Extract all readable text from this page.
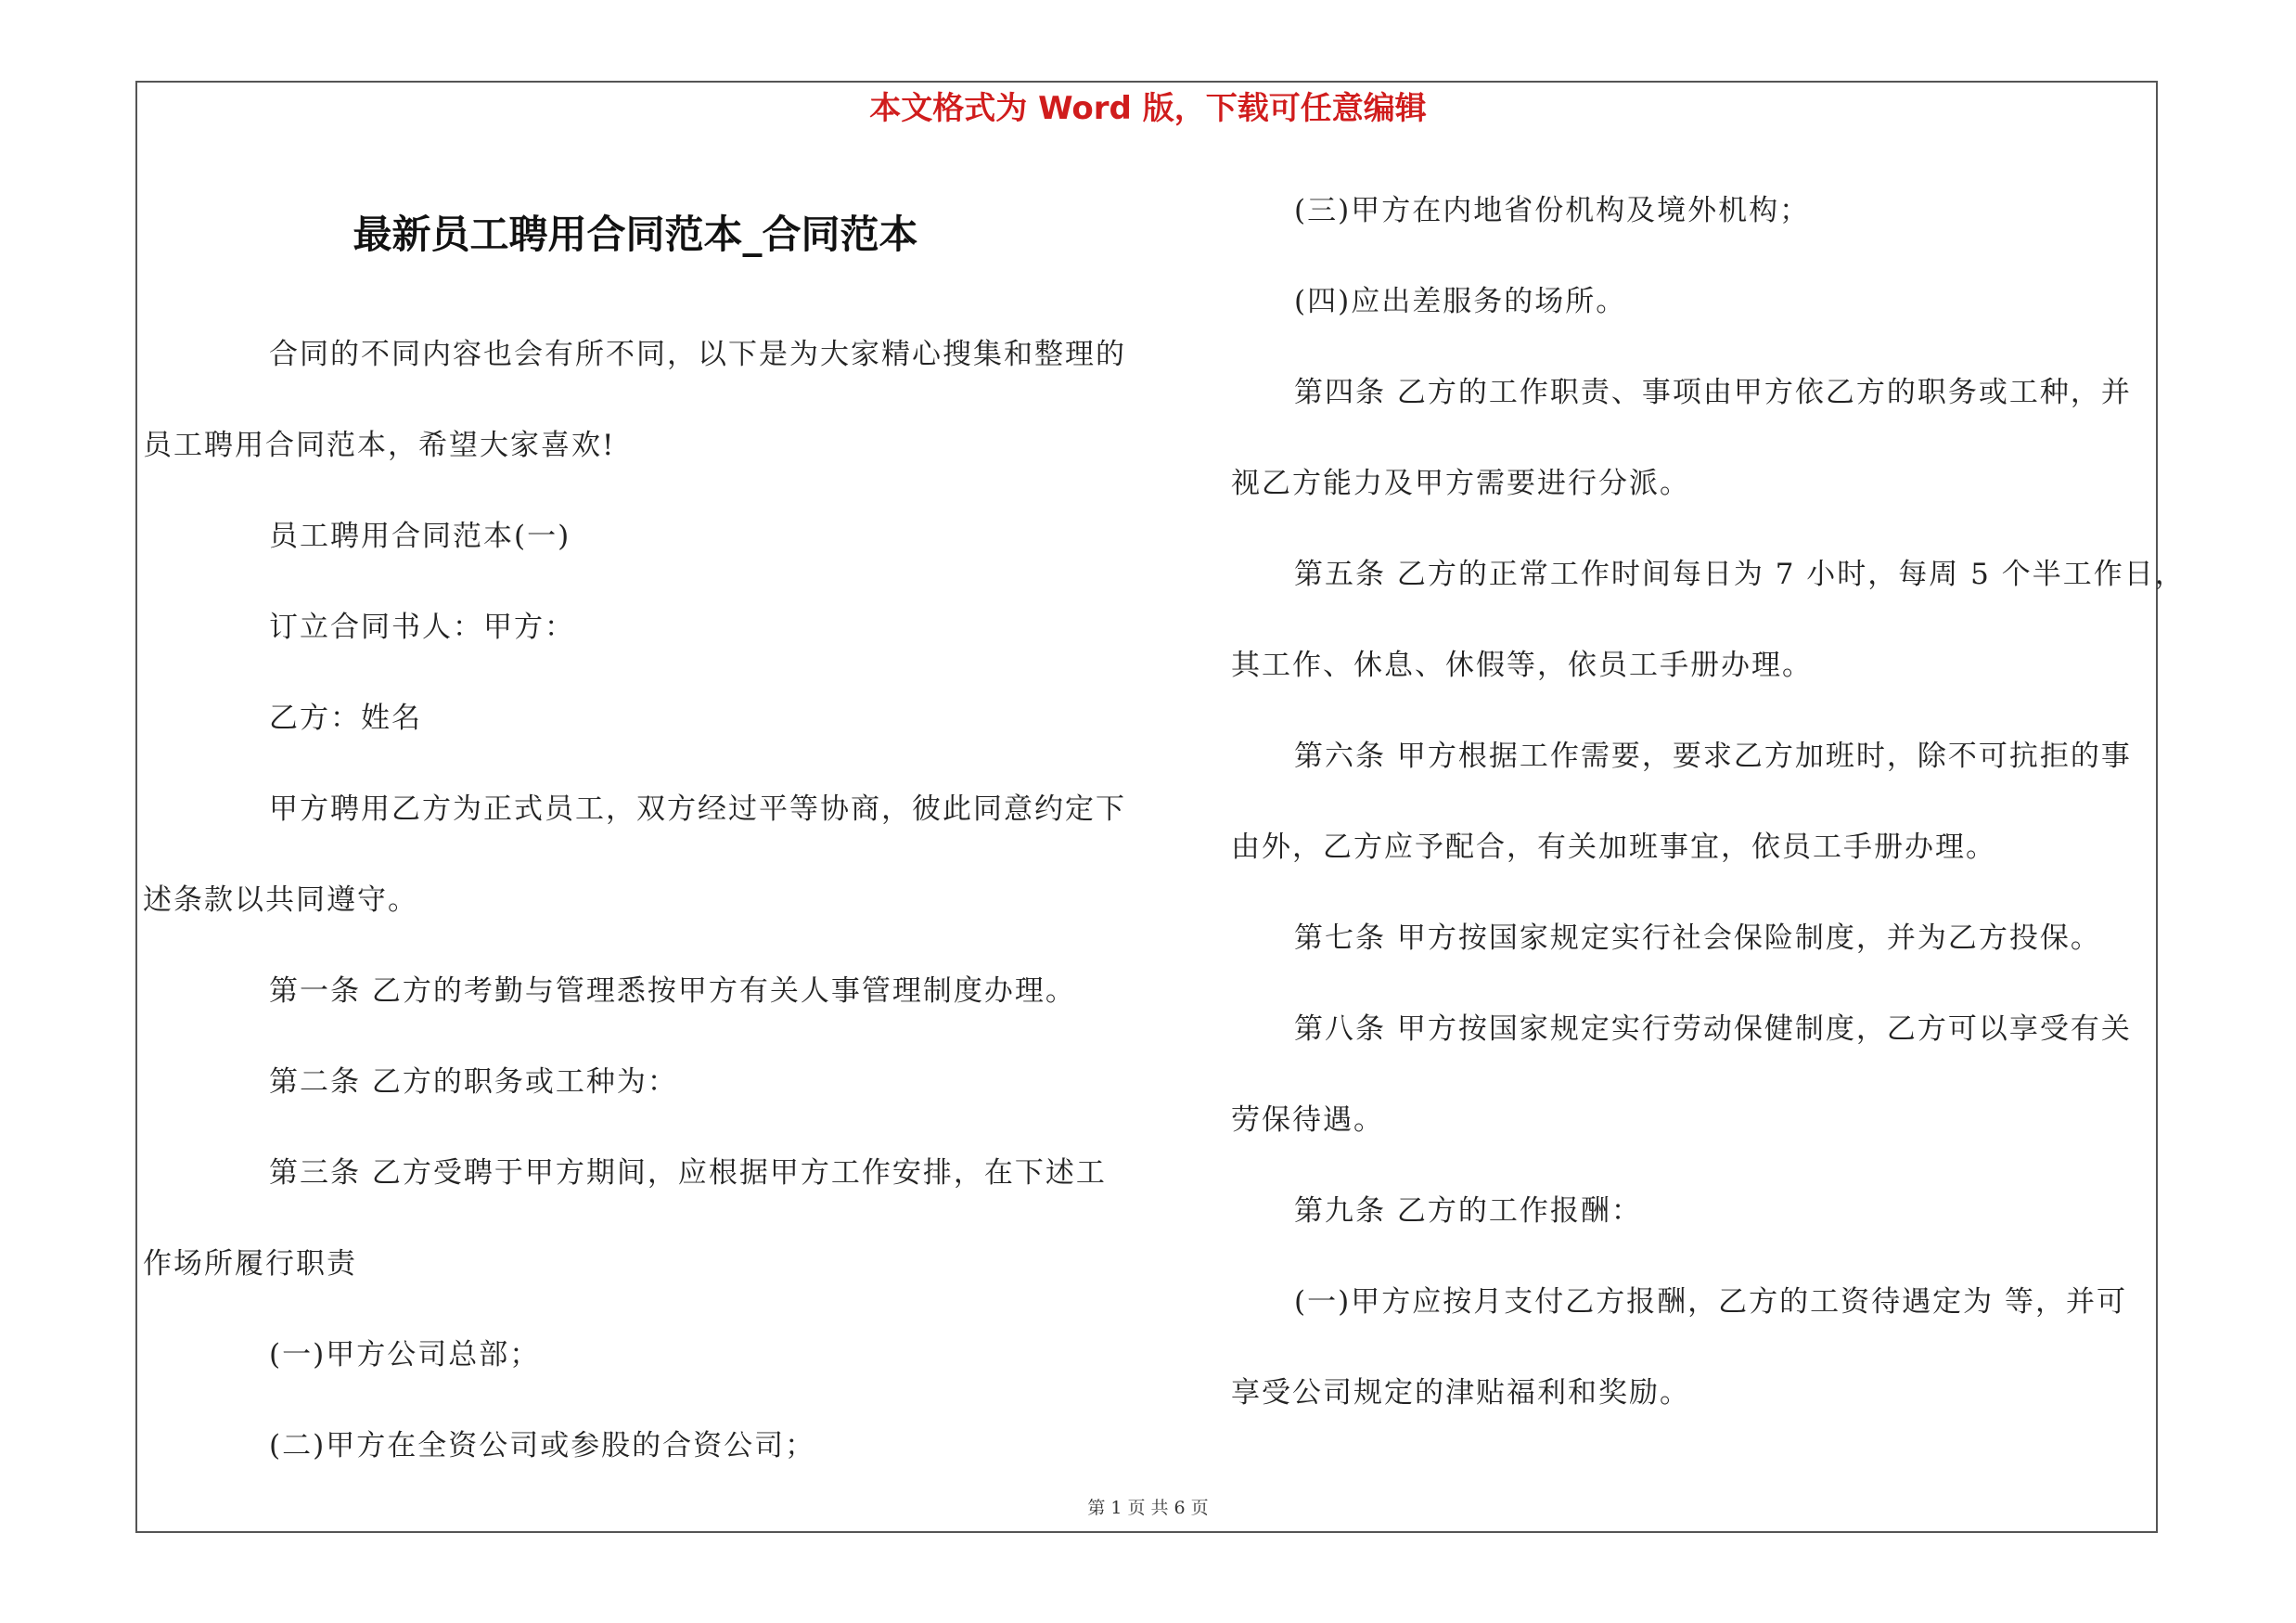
本文格式为 Word 版，下载可任意编辑
最新员工聘用合同范本_合同范本

合同的不同内容也会有所不同，以下是为大家精心搜集和整理的
员工聘用合同范本，希望大家喜欢!

员工聘用合同范本(一)

订立合同书人：甲方：

乙方：姓名

甲方聘用乙方为正式员工，双方经过平等协商，彼此同意约定下
述条款以共同遵守。

第一条 乙方的考勤与管理悉按甲方有关人事管理制度办理。

第二条 乙方的职务或工种为：

第三条 乙方受聘于甲方期间，应根据甲方工作安排，在下述工
作场所履行职责

(一)甲方公司总部；

(二)甲方在全资公司或参股的合资公司；

(三)甲方在内地省份机构及境外机构；

(四)应出差服务的场所。

第四条 乙方的工作职责、事项由甲方依乙方的职务或工种，并
视乙方能力及甲方需要进行分派。

第五条 乙方的正常工作时间每日为 7 小时，每周 5 个半工作日，
其工作、休息、休假等，依员工手册办理。

第六条 甲方根据工作需要，要求乙方加班时，除不可抗拒的事
由外，乙方应予配合，有关加班事宜，依员工手册办理。

第七条 甲方按国家规定实行社会保险制度，并为乙方投保。

第八条 甲方按国家规定实行劳动保健制度，乙方可以享受有关
劳保待遇。

第九条 乙方的工作报酬：

(一)甲方应按月支付乙方报酬，乙方的工资待遇定为 等，并可
享受公司规定的津贴福利和奖励。

第 1 页 共 6 页
